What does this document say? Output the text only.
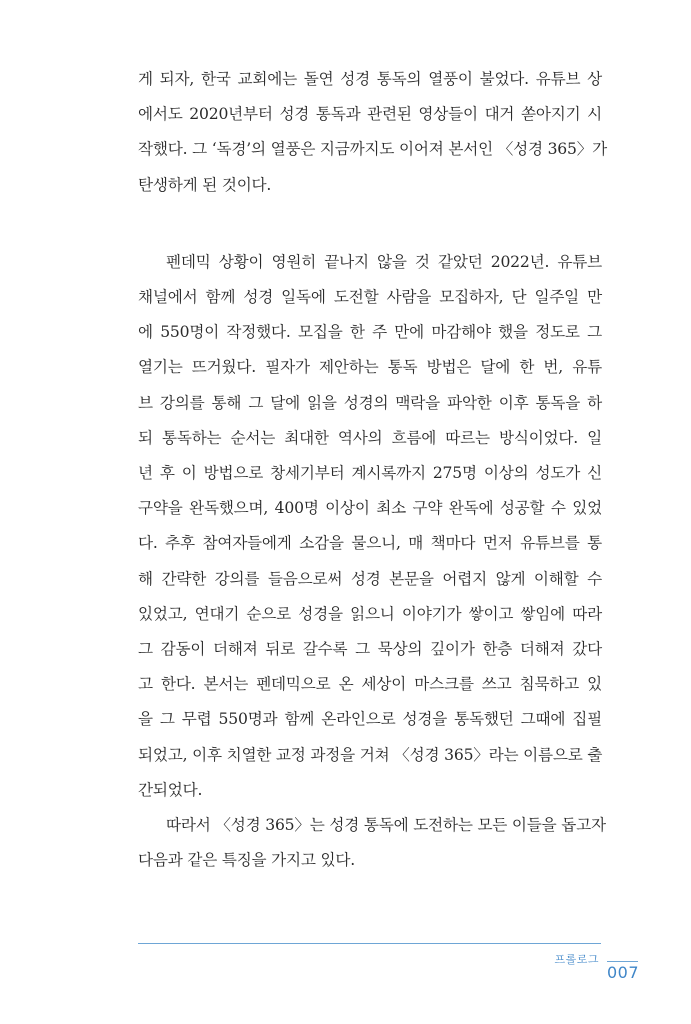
게 되자, 한국 교회에는 돌연 성경 통독의 열풍이 불었다. 유튜브 상
에서도 2020년부터 성경 통독과 관련된 영상들이 대거 쏟아지기 시
작했다. 그 ‘독경’의 열풍은 지금까지도 이어져 본서인 〈성경 365〉가
탄생하게 된 것이다.

펜데믹 상황이 영원히 끝나지 않을 것 같았던 2022년. 유튜브
채널에서 함께 성경 일독에 도전할 사람을 모집하자, 단 일주일 만
에 550명이 작정했다. 모집을 한 주 만에 마감해야 했을 정도로 그
열기는 뜨거웠다. 필자가 제안하는 통독 방법은 달에 한 번, 유튜
브 강의를 통해 그 달에 읽을 성경의 맥락을 파악한 이후 통독을 하
되 통독하는 순서는 최대한 역사의 흐름에 따르는 방식이었다. 일
년 후 이 방법으로 창세기부터 계시록까지 275명 이상의 성도가 신
구약을 완독했으며, 400명 이상이 최소 구약 완독에 성공할 수 있었
다. 추후 참여자들에게 소감을 물으니, 매 책마다 먼저 유튜브를 통
해 간략한 강의를 들음으로써 성경 본문을 어렵지 않게 이해할 수
있었고, 연대기 순으로 성경을 읽으니 이야기가 쌓이고 쌓임에 따라
그 감동이 더해져 뒤로 갈수록 그 묵상의 깊이가 한층 더해져 갔다
고 한다. 본서는 펜데믹으로 온 세상이 마스크를 쓰고 침묵하고 있
을 그 무렵 550명과 함께 온라인으로 성경을 통독했던 그때에 집필
되었고, 이후 치열한 교정 과정을 거쳐 〈성경 365〉라는 이름으로 출
간되었다.

따라서 〈성경 365〉는 성경 통독에 도전하는 모든 이들을 돕고자
다음과 같은 특징을 가지고 있다.

프롤로그
007
